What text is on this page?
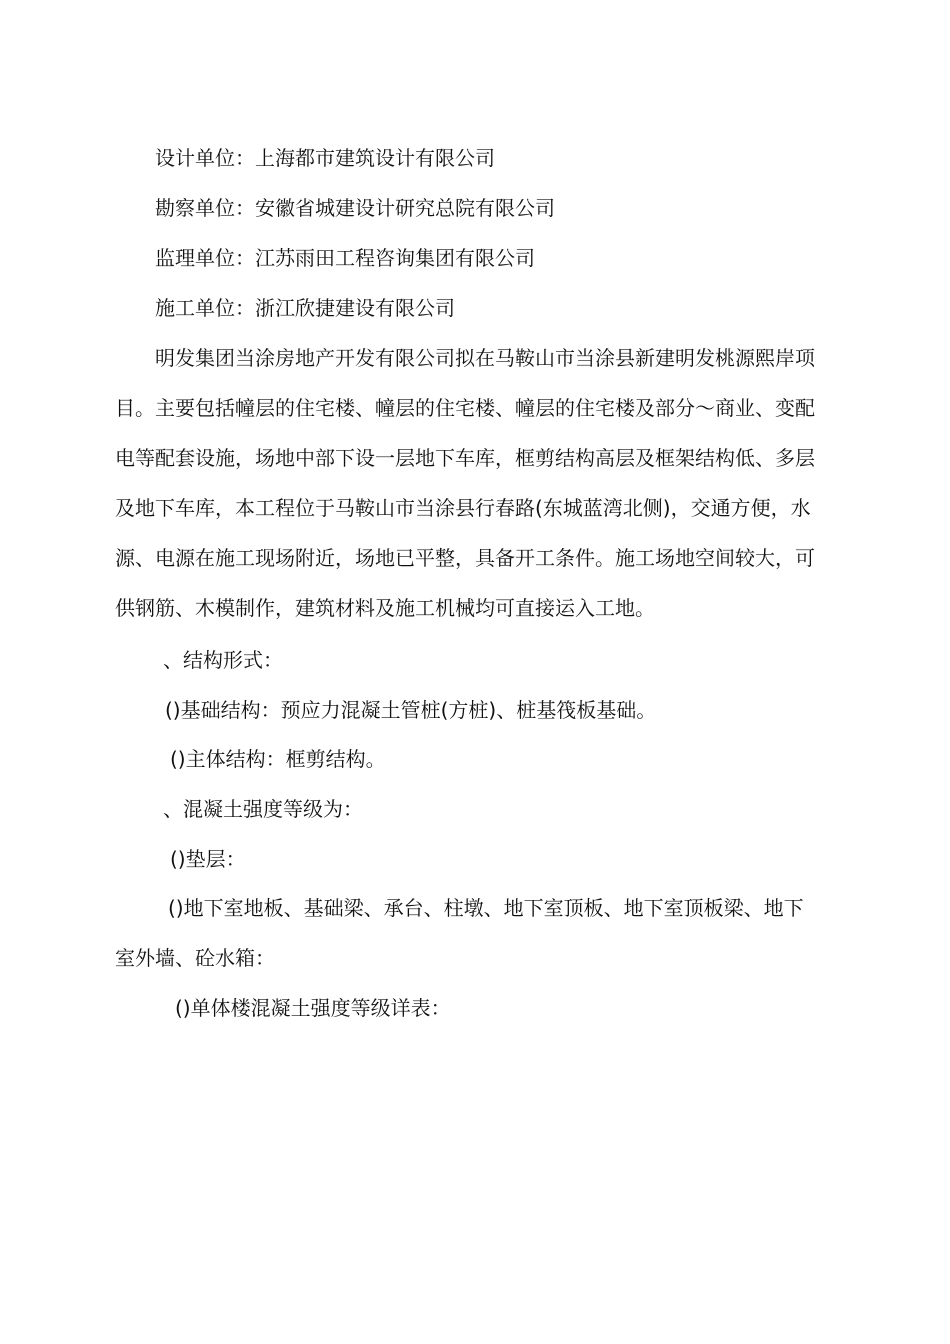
设计单位：上海都市建筑设计有限公司
勘察单位：安徽省城建设计研究总院有限公司
监理单位：江苏雨田工程咨询集团有限公司
施工单位：浙江欣捷建设有限公司
明发集团当涂房地产开发有限公司拟在马鞍山市当涂县新建明发桃源熙岸项
目。主要包括幢层的住宅楼、幢层的住宅楼、幢层的住宅楼及部分～商业、变配
电等配套设施，场地中部下设一层地下车库，框剪结构高层及框架结构低、多层
及地下车库，本工程位于马鞍山市当涂县行春路(东城蓝湾北侧)，交通方便，水
源、电源在施工现场附近，场地已平整，具备开工条件。施工场地空间较大，可
供钢筋、木模制作，建筑材料及施工机械均可直接运入工地。
、结构形式：
()基础结构：预应力混凝土管桩(方桩)、桩基筏板基础。
()主体结构：框剪结构。
、混凝土强度等级为：
()垫层：
()地下室地板、基础梁、承台、柱墩、地下室顶板、地下室顶板梁、地下
室外墙、砼水箱：
()单体楼混凝土强度等级详表：
